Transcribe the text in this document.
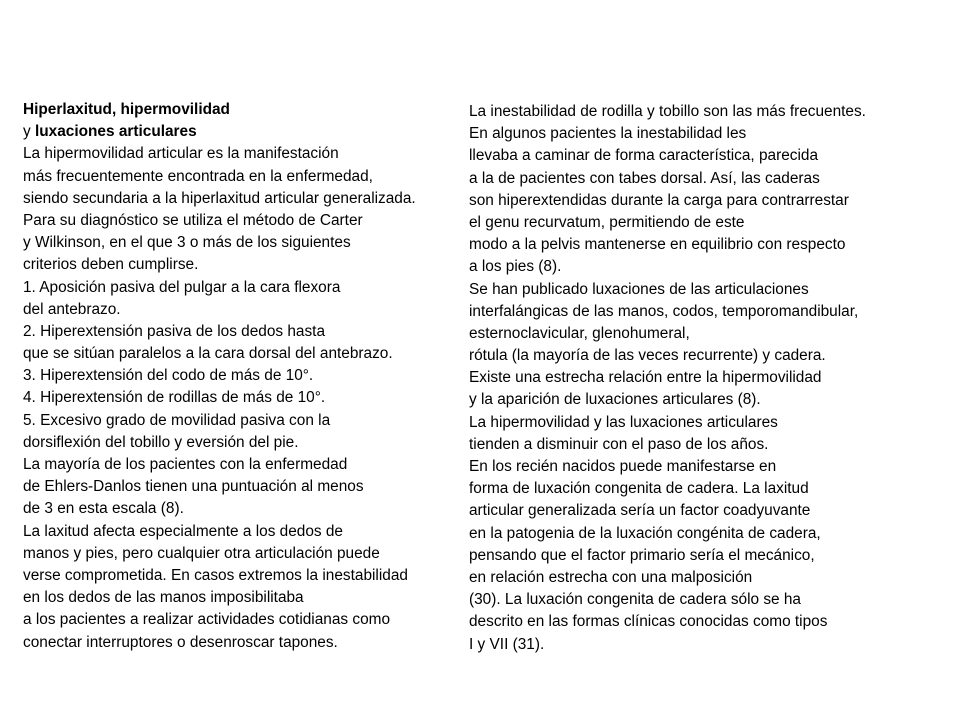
Hiperlaxitud, hipermovilidad
y luxaciones articulares
La hipermovilidad articular es la manifestación
más frecuentemente encontrada en la enfermedad,
siendo secundaria a la hiperlaxitud articular generalizada.
Para su diagnóstico se utiliza el método de Carter
y Wilkinson, en el que 3 o más de los siguientes
criterios deben cumplirse.
1. Aposición pasiva del pulgar a la cara flexora
del antebrazo.
2. Hiperextensión pasiva de los dedos hasta
que se sitúan paralelos a la cara dorsal del antebrazo.
3. Hiperextensión del codo de más de 10°.
4. Hiperextensión de rodillas de más de 10°.
5. Excesivo grado de movilidad pasiva con la
dorsiflexión del tobillo y eversión del pie.
La mayoría de los pacientes con la enfermedad
de Ehlers-Danlos tienen una puntuación al menos
de 3 en esta escala (8).
La laxitud afecta especialmente a los dedos de
manos y pies, pero cualquier otra articulación puede
verse comprometida. En casos extremos la inestabilidad
en los dedos de las manos imposibilitaba
a los pacientes a realizar actividades cotidianas como
conectar interruptores o desenroscar tapones.
La inestabilidad de rodilla y tobillo son las más frecuentes.
En algunos pacientes la inestabilidad les
llevaba a caminar de forma característica, parecida
a la de pacientes con tabes dorsal. Así, las caderas
son hiperextendidas durante la carga para contrarrestar
el genu recurvatum, permitiendo de este
modo a la pelvis mantenerse en equilibrio con respecto
a los pies (8).
Se han publicado luxaciones de las articulaciones
interfalángicas de las manos, codos, temporomandibular,
esternoclavicular, glenohumeral,
rótula (la mayoría de las veces recurrente) y cadera.
Existe una estrecha relación entre la hipermovilidad
y la aparición de luxaciones articulares (8).
La hipermovilidad y las luxaciones articulares
tienden a disminuir con el paso de los años.
En los recién nacidos puede manifestarse en
forma de luxación congenita de cadera. La laxitud
articular generalizada sería un factor coadyuvante
en la patogenia de la luxación congénita de cadera,
pensando que el factor primario sería el mecánico,
en relación estrecha con una malposición
(30). La luxación congenita de cadera sólo se ha
descrito en las formas clínicas conocidas como tipos
I y VII (31).
